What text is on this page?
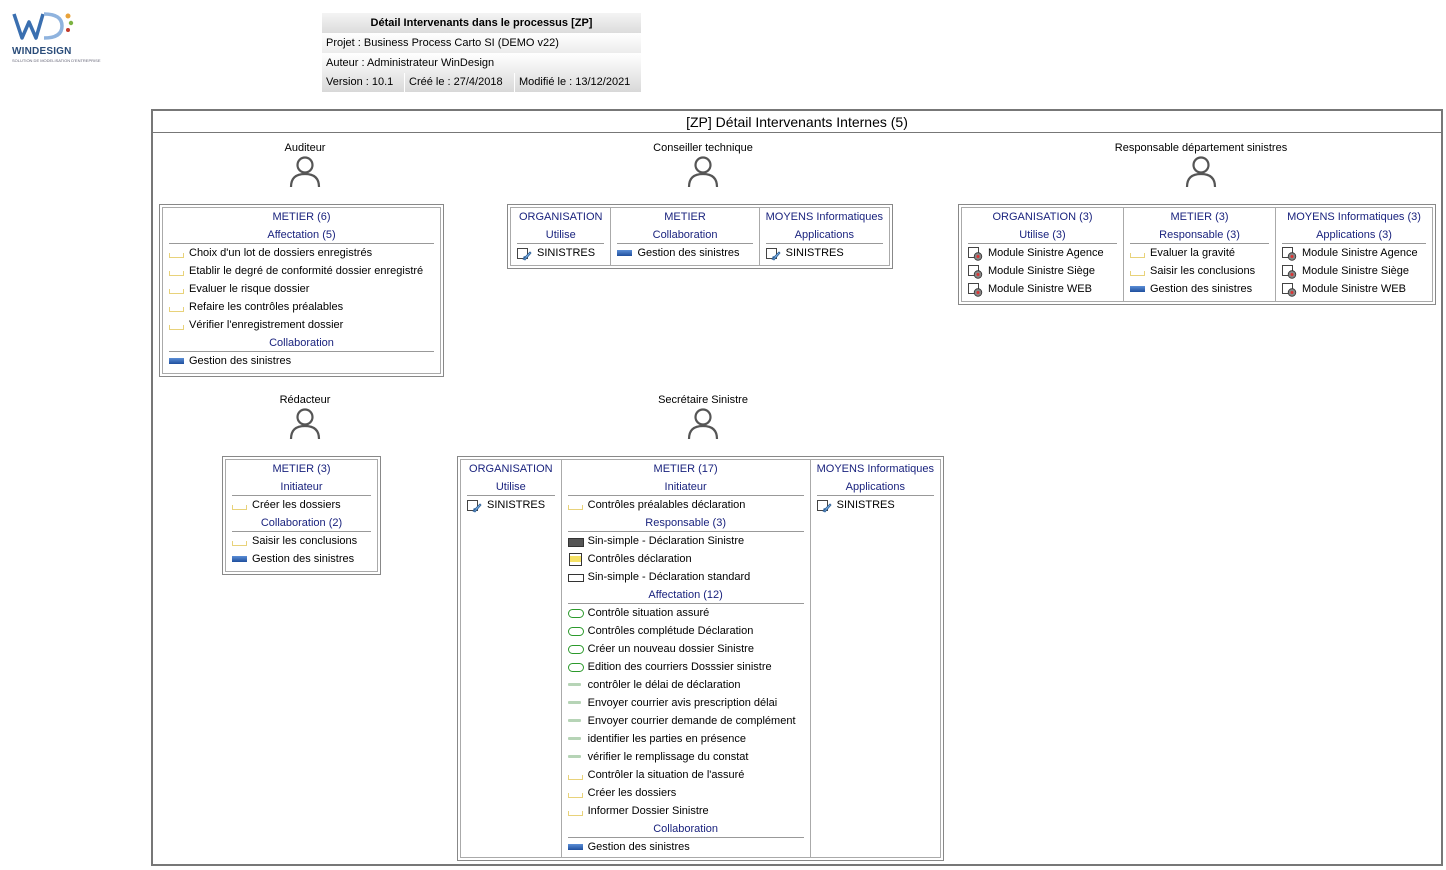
WINDESIGN
SOLUTION DE MODELISATION D'ENTREPRISE
Détail Intervenants dans le processus [ZP]
Projet : Business Process Carto SI (DEMO v22)
Auteur : Administrateur WinDesign
Version : 10.1	Créé le : 27/4/2018	Modifié le : 13/12/2021
[ZP] Détail Intervenants Internes (5)
Auditeur	Conseiller technique	Responsable département sinistres
Rédacteur	Secrétaire Sinistre
METIER (6)
Affectation (5)
Choix d'un lot de dossiers enregistrés
Etablir le degré de conformité dossier enregistré
Evaluer le risque dossier
Refaire les contrôles préalables
Vérifier l'enregistrement dossier
Collaboration
Gestion des sinistres
ORGANISATION
Utilise
SINISTRES
METIER
Collaboration
Gestion des sinistres
MOYENS Informatiques
Applications
SINISTRES
ORGANISATION (3)
Utilise (3)
Module Sinistre Agence
Module Sinistre Siège
Module Sinistre WEB
METIER (3)
Responsable (3)
Evaluer la gravité
Saisir les conclusions
Gestion des sinistres
MOYENS Informatiques (3)
Applications (3)
Module Sinistre Agence
Module Sinistre Siège
Module Sinistre WEB
METIER (3)
Initiateur
Créer les dossiers
Collaboration (2)
Saisir les conclusions
Gestion des sinistres
ORGANISATION
Utilise
SINISTRES
METIER (17)
Initiateur
Contrôles préalables déclaration
Responsable (3)
Sin-simple - Déclaration Sinistre
Contrôles déclaration
Sin-simple - Déclaration standard
Affectation (12)
Contrôle situation assuré
Contrôles complétude Déclaration
Créer un nouveau dossier Sinistre
Edition des courriers Dosssier sinistre
contrôler le délai de déclaration
Envoyer courrier avis prescription délai
Envoyer courrier demande de complément
identifier les parties en présence
vérifier le remplissage du constat
Contrôler la situation de l'assuré
Créer les dossiers
Informer Dossier Sinistre
Collaboration
Gestion des sinistres
MOYENS Informatiques
Applications
SINISTRES
